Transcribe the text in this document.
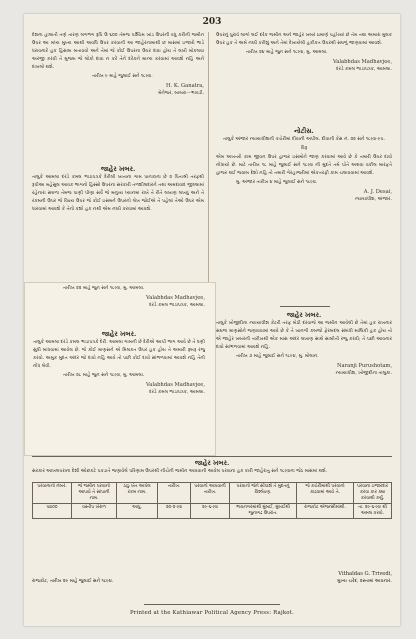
203

દેશના હાલાતી તણે તારણ લગભગ રૂપિ ઉ ૬૦૦ તેમજ પશ્ચિમ ખાંડ ઉપરની વધુ કરીની જમીન ઉપર આ મધ્ય મુખ્ય આથી અવધિ ઉપર કરવાની આ જાહેરનામાથી છ માસમાં ઇજારો ભાડે ધરાવનારે હક હિસાબ બતાવવો અને તેમાં જે કોઈ ઉપરના ઉપર દાવા હોય તે લખી મોકલવા અરજી કરવી તે મુજબ જે લોકો દાવા ન કરે તેને દરેકને માન્ય કરવામાં આવશે નહિ અને દાખલો થશે.

તારીખ ૯ માહે જુલાઈ સને ૧૮૯૪.

H. K. Ganatra,
મેનેજર, બાબરા—ભાવડી.
જાહેર ખબર.

તાલુકે આમલા દરડે કમલ ભાડાપત્રકે દેરીલી ખાતાના ગામ પાનકાના છે ૨ પિતાશ્રી તરફથી રૂપીઆ મહેસુલ આવક ભાગનો હિસ્સો ઉપરના સરકારી તળશીલદારને તથા અમદાવાદ જીલ્લામાં રહેનારા સઘળા તેમજ પાણી પીણા સર્વે જે મનુષ્ય ધ્યાનમાં રાખે તે રીતે લખાણ લખવું અને તે રકમની ઉપર જે વિષય ઉપર જે કોઈ ઇસમને ઉપરનો લેખ જોઈએ તે પહેલાં તેઓ ઉપર એમ ધારવામાં આવશે કે તેનો કશો હક નથી એમ નક્કી કરવામાં આવશે.

તારીખ ૨૨ માહે જુન સને ૧૮૯૪, મુ. આમલા.

Valabhdas Madhavjee,
દરડે કમલ ભાડાપત્રક, આમલા.
જાહેર ખબર.

તાલુકે આમલા દરડે કમલ ભાડાપત્રકે દેરી. આમલા ગામની છે દેરીએ આપી ભાગ આવે છે તે ધણી સુધી બાંધવામાં આવેલ છે. જે કોઈ માણસને એ મિલકત ઉપર હક હોય તે અમારી રૂબરૂ રજુ કરવો. અમુક મુદત અંદર જો દાવો નહિ આવે તો પછી કોઈ દાવો સાંભળવામાં આવશે નહિ તેની નોંધ લેવી.

તારીખ ૨૮ માહે જુન સને ૧૮૯૪, મુ. આમલા.

Valabhdas Madhavjee,
દરડે કમલ ભાડાપત્રક, આમલા.

ઉપરનું પુરાવે લાગો લઈ દરેક જમીન અને જાહેર ખબર પ્રમાણે પહોંચ્યાં છે તેમ તથા અમારા મુલક ઉપર હક તે અમે નક્કી કરીશું અને તેમાં દેખાયેલી હકીકત ઉપરથી સઘળું જાણવામાં આવશે.

તારીખ ૨૪ માહે જુન સને ૧૮૯૪, મુ. આમલા.

Valabhdas Madhavjee,
દરડે કમલ ભાડાપત્રક, આમલા.
નોટીસ.

તાલુકે અંજાર ન્યાયાધીશની કચેરીમાં દીવાની અપીલ. દીવાની કેસ નં. ૨૨ સને ૧૮૯૪-૯૫.

વિરૂ

એમ અખતરો કામ જીવન ઉપર હાજર ઇસમોને જાણ કરવામાં આવે છે કે તમારી ઉપર દાવો નોંધાયો છે. માટે તારીખ ૧૮ માહે જુલાઈ સને ૧૮૯૪ ની મુદતે તમે પોતે અથવા વકીલ મારફતે હાજર થઈ જવાબ દેશો નહિ તો તમારી ગેરહાજરીમાં એકતરફી કામ ચલાવવામાં આવશે.

મુ. અંજાર તારીખ ૪ માહે જુલાઈ સને ૧૮૯૪.

A. J. Desai,
ન્યાયાધીશ, અંજાર.
જાહેર ખબર.

તાલુકે ખોજીદીના ન્યાયાધીશ કેટરી તરફ બેઠી દરવાજે આ જમીન આવેલી છે તેમાં હક રાખનાર સઘળા માણસોને જણાવવામાં આવે છે કે તે ખાનગી કબજો ફેરબદલ સંબંધી માલિકી હક હોય તો એ જાહેર ખબરની તારીખથી એક માસ અંદર લખાણ સાથે સાબીતી રજુ કરવી; તે પછી આવનાર દાવો સાંભળવામાં આવશે નહિ.

તારીખ ૭ માહે જુલાઈ સને ૧૮૯૪, મુ. મોલાન.

Naranji Purushotam,
ન્યાયાધીશ, ખોજીદીના તાલુકા.
જાહેર ખબર.

સરકાર આખલપરાના દેશી ઓછકટે પકડાતે જણાવેલે પરિણામ ઉપરથી નીચેની જમીન આવવાની આવેલ પરવાના હક કારી જાહેરાતુ સને ૧૮૯૪ના જેઠ માસમાં થશે.

પરવાનાનો નંબર.	જે જમીન પરવાનો આપવો તે સાંપાની નામ.	ઠાઠુ ખેત આપેલ રકમ નામ.	તારીખ.	પરવાનો આપવાની તારીખ.	પરવાનો જેને સોંપાશે તે મુદતનું વિશ્લેષણ.	જે કચેરીમાંથી પરવાનો કાઢવામાં આવે તે.	પરવાના ઇજારદાર કરવા કાર ક્યા કરવાથી કર્યુ.
૫૪૦૦	વસ્તીપ ખેરાળ	આપુ.	૨૦-૨-૯૪	૨૯-૬-૯૪	ભાવનગરમાંથી મુંબઈ, મુંબઈથી જુનાગઢ ઉપરાંત.	રાજકોટ એજન્સીમાંથી.	તા. ૨૯-૬-૯૪ થી અમલ કરવો.
Vithaldas G. Trivedi,
રાજકોટ, તારીખ ૨૯ માહે જુલાઈ સને ૧૮૯૪.	મુખ્ય ચરેદ, ૨સ્તામાં આવનાર.
Printed at the Kathiawar Political Agency Press: Rajkot.
